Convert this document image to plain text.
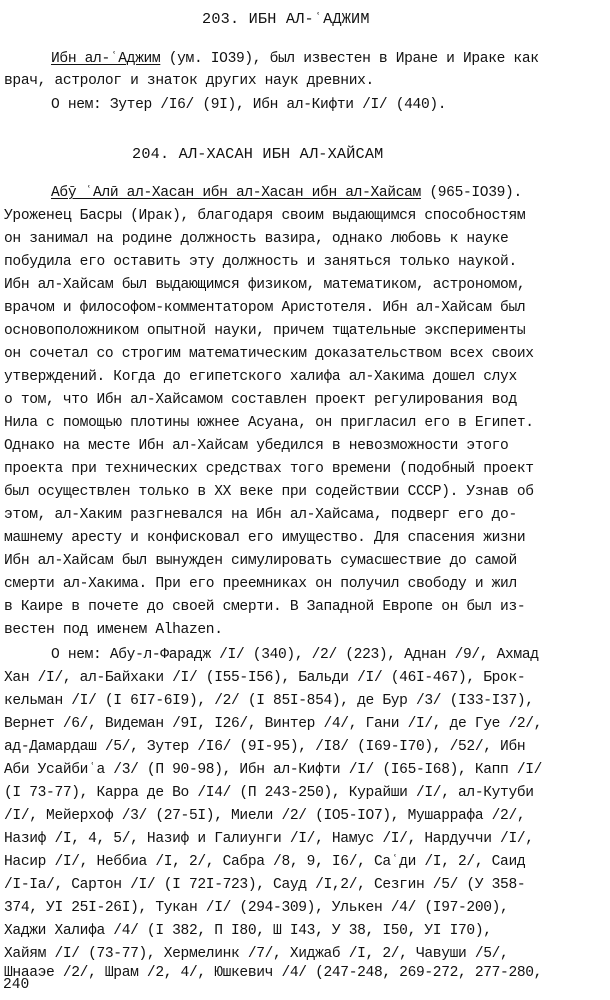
203. ИБН АЛ-ʿАДЖИМ
Ибн ал-ʿАджим (ум. IO39), был известен в Иране и Ираке как
врач, астролог и знаток других наук древних.
О нем: Зутер /I6/ (9I), Ибн ал-Кифти /I/ (440).
204. АЛ-ХАСАН ИБН АЛ-ХАЙСАМ
Абӯ ʿАлӣ ал-Хасан ибн ал-Хасан ибн ал-Хайсам (965-IO39).
Уроженец Басры (Ирак), благодаря своим выдающимся способностям
он занимал на родине должность вазира, однако любовь к науке
побудила его оставить эту должность и заняться только наукой.
Ибн ал-Хайсам был выдающимся физиком, математиком, астрономом,
врачом и философом-комментатором Аристотеля. Ибн ал-Хайсам был
основоположником опытной науки, причем тщательные эксперименты
он сочетал со строгим математическим доказательством всех своих
утверждений. Когда до египетского халифа ал-Хакима дошел слух
о том, что Ибн ал-Хайсамом составлен проект регулирования вод
Нила с помощью плотины южнее Асуана, он пригласил его в Египет.
Однако на месте Ибн ал-Хайсам убедился в невозможности этого
проекта при технических средствах того времени (подобный проект
был осуществлен только в XX веке при содействии СССР). Узнав об
этом, ал-Хаким разгневался на Ибн ал-Хайсама, подверг его до-
машнему аресту и конфисковал его имущество. Для спасения жизни
Ибн ал-Хайсам был вынужден симулировать сумасшествие до самой
смерти ал-Хакима. При его преемниках он получил свободу и жил
в Каире в почете до своей смерти. В Западной Европе он был из-
вестен под именем Alhazen.
О нем: Абу-л-Фарадж /I/ (340), /2/ (223), Аднан /9/, Ахмад
Хан /I/, ал-Байхаки /I/ (I55-I56), Бальди /I/ (46I-467), Брок-
кельман /I/ (I 6I7-6I9), /2/ (I 85I-854), де Бур /3/ (I33-I37),
Вернет /6/, Видеман /9I, I26/, Винтер /4/, Гани /I/, де Гуе /2/,
ад-Дамардаш /5/, Зутер /I6/ (9I-95), /I8/ (I69-I70), /52/, Ибн
Аби Усайбиʿа /3/ (П 90-98), Ибн ал-Кифти /I/ (I65-I68), Капп /I/
(I 73-77), Карра де Во /I4/ (П 243-250), Курайши /I/, ал-Кутуби
/I/, Мейерхоф /3/ (27-5I), Миели /2/ (IO5-IO7), Мушаррафа /2/,
Назиф /I, 4, 5/, Назиф и Галиунги /I/, Намус /I/, Нардуччи /I/,
Насир /I/, Неббиа /I, 2/, Сабра /8, 9, I6/, Саʿди /I, 2/, Саид
/I-Ia/, Сартон /I/ (I 72I-723), Сауд /I,2/, Сезгин /5/ (У 358-
374, УI 25I-26I), Тукан /I/ (294-309), Улькен /4/ (I97-200),
Хаджи Халифа /4/ (I 382, П I80, Ш I43, У 38, I50, УI I70),
Хайям /I/ (73-77), Хермелинк /7/, Хиджаб /I, 2/, Чавуши /5/,
Шнааэе /2/, Шрам /2, 4/, Юшкевич /4/ (247-248, 269-272, 277-280,
240
